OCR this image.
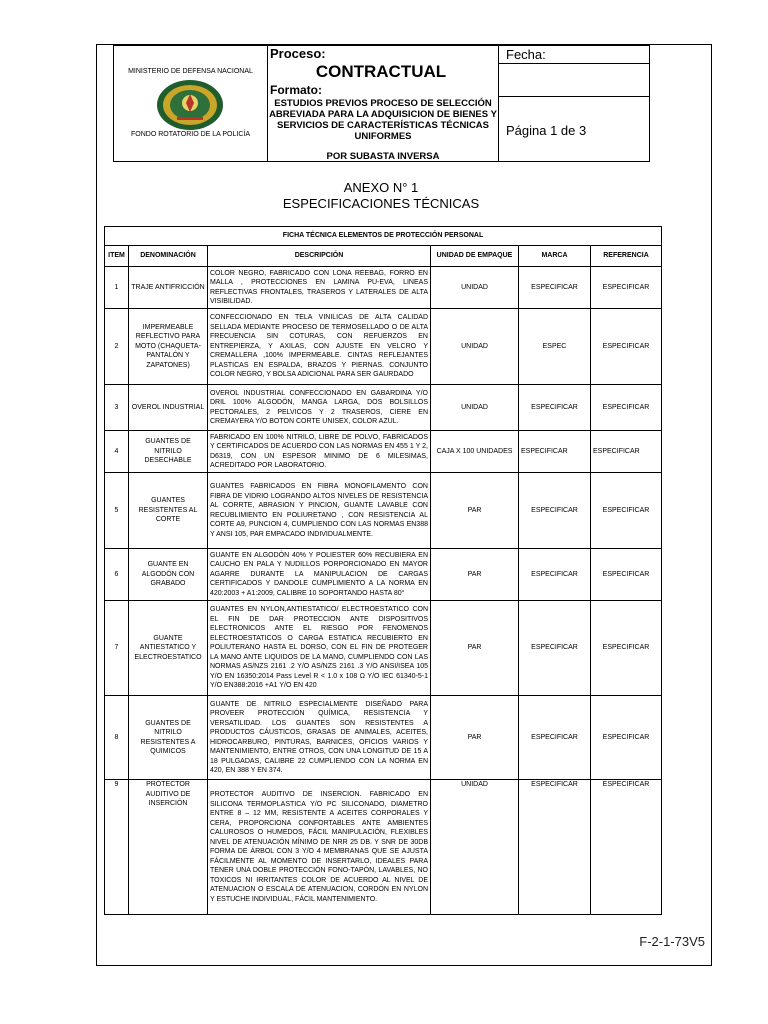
MINISTERIO DE DEFENSA NACIONAL
FONDO ROTATORIO DE LA POLICÍA
Proceso:
CONTRACTUAL
Formato:
ESTUDIOS PREVIOS PROCESO DE SELECCIÓN ABREVIADA PARA LA ADQUISICION DE BIENES Y SERVICIOS DE CARACTERÍSTICAS TÉCNICAS UNIFORMES
POR SUBASTA INVERSA
Fecha:
Página 1 de 3
ANEXO N° 1
ESPECIFICACIONES TÉCNICAS
FICHA TÉCNICA ELEMENTOS DE PROTECCIÓN PERSONAL					
ITEM	DENOMINACIÓN	DESCRIPCIÓN	UNIDAD DE EMPAQUE	MARCA	REFERENCIA
1	TRAJE ANTIFRICCIÓN	COLOR NEGRO, FABRICADO CON LONA REEBAG, FORRO EN MALLA , PROTECCIONES EN LAMINA PU-EVA, LINEAS REFLECTIVAS FRONTALES, TRASEROS Y LATERALES DE ALTA VISIBILIDAD.	UNIDAD	ESPECIFICAR	ESPECIFICAR
2	IMPERMEABLE REFLECTIVO PARA MOTO (CHAQUETA-PANTALÓN Y ZAPATONES)	CONFECCIONADO EN TELA VINILICAS DE ALTA CALIDAD SELLADA MEDIANTE PROCESO DE TERMOSELLADO O DE ALTA FRECUENCIA SIN COTURAS, CON REFUERZOS EN ENTREPIERZA, Y AXILAS, CON AJUSTE EN VELCRO Y CREMALLERA ,100% IMPERMEABLE. CINTAS REFLEJANTES PLASTICAS EN ESPALDA, BRAZOS Y PIERNAS. CONJUNTO COLOR NEGRO, Y BOLSA ADICIONAL PARA SER GAURDADO	UNIDAD	ESPEC	ESPECIFICAR
3	OVEROL INDUSTRIAL	OVEROL INDUSTRIAL CONFECCIONADO EN GABARDINA Y/O DRIL 100% ALGODÓN, MANGA LARGA, DOS BOLSILLOS PECTORALES, 2 PELVICOS Y 2 TRASEROS, CIERE EN CREMAYERA Y/O BOTON CORTE UNISEX, COLOR AZUL.	UNIDAD	ESPECIFICAR	ESPECIFICAR
4	GUANTES DE NITRILO DESECHABLE	FABRICADO EN 100% NITRILO, LIBRE DE POLVO, FABRICADOS Y CERTIFICADOS DE ACUERDO CON LAS NORMAS EN 455 1 Y 2, D6319, CON UN ESPESOR MINIMO DE 6 MILESIMAS, ACREDITADO POR LABORATORIO.	CAJA X 100 UNIDADES	ESPECIFICAR	ESPECIFICAR
5	GUANTES RESISTENTES AL CORTE	GUANTES FABRICADOS EN FIBRA MONOFILAMENTO CON FIBRA DE VIDRIO LOGRANDO ALTOS NIVELES DE RESISTENCIA AL CORRTE, ABRASION Y PINCION, GUANTE LAVABLE CON RECUBLIMIENTO EN POLIURETANO , CON RESISTENCIA AL CORTE A9, PUNCION 4, CUMPLIENDO CON LAS NORMAS EN388 Y ANSI 105, PAR EMPACADO INDIVIDUALMENTE.	PAR	ESPECIFICAR	ESPECIFICAR
6	GUANTE EN ALGODÓN CON GRABADO	GUANTE EN ALGODÓN 40% Y POLIESTER 60% RECUBIERA EN CAUCHO EN PALA Y NUDILLOS PORPORCIONADO EN MAYOR AGARRE DURANTE LA MANIPULACION DE CARGAS CERTIFICADOS Y DANDOLE CUMPLIMIENTO A LA NORMA EN 420:2003 + A1:2009, CALIBRE 10 SOPORTANDO HASTA 80°	PAR	ESPECIFICAR	ESPECIFICAR
7	GUANTE ANTIESTATICO Y ELECTROESTATICO	GUANTES EN NYLON,ANTIESTATICO/ ELECTROESTATICO CON EL FIN DE DAR PROTECCION ANTE DISPOSITIVOS ELECTRONICOS ANTE EL RIESGO POR FENOMENOS ELECTROESTATICOS O CARGA ESTATICA RECUBIERTO EN POLIUTERANO HASTA EL DORSO, CON EL FIN DE PROTEGER LA MANO ANTE LIQUIDOS DE LA MANO, CUMPLIENDO CON LAS NORMAS AS/NZS 2161 .2 Y/O AS/NZS 2161 .3 Y/O ANSI/ISEA 105 Y/O EN 16350:2014 Pass Level R < 1.0 x 108 Ω Y/O IEC 61340-5-1 Y/O EN388:2016 +A1 Y/O EN 420	PAR	ESPECIFICAR	ESPECIFICAR
8	GUANTES DE NITRILO RESISTENTES A QUIMICOS	GUANTE DE NITRILO ESPECIALMENTE DISEÑADO PARA PROVEER PROTECCIÓN QUÍMICA, RESISTENCIA Y VERSATILIDAD. LOS GUANTES SON RESISTENTES A PRODUCTOS CÁUSTICOS, GRASAS DE ANIMALES, ACEITES, HIDROCARBURO, PINTURAS, BARNICES, OFICIOS VARIOS Y MANTENIMIENTO, ENTRE OTROS, CON UNA LONGITUD DE 15 A 18 PULGADAS, CALIBRE 22 CUMPLIENDO CON LA NORMA EN 420, EN 388 Y EN 374.	PAR	ESPECIFICAR	ESPECIFICAR
9	PROTECTOR AUDITIVO DE INSERCIÓN	PROTECTOR AUDITIVO DE INSERCION. FABRICADO EN SILICONA TERMOPLASTICA Y/O PC SILICONADO, DIAMETRO ENTRE 8 – 12 MM, RESISTENTE A ACEITES CORPORALES Y CERA, PROPORCIONA CONFORTABLES ANTE AMBIENTES CALUROSOS O HUMEDOS, FÁCIL MANIPULACIÓN, FLEXIBLES NIVEL DE ATENUACIÓN MÍNIMO DE NRR 25 DB. Y SNR DE 30DB FORMA DE ÁRBOL CON 3 Y/O 4 MEMBRANAS QUE SE AJUSTA FÁCILMENTE AL MOMENTO DE INSERTARLO, IDEALES PARA TENER UNA DOBLE PROTECCIÓN FONO-TAPÓN, LAVABLES, NO TOXICOS NI IRRITANTES COLOR DE ACUERDO AL NIVEL DE ATENUACION O ESCALA DE ATENUACION, CORDÓN EN NYLON Y ESTUCHE INDIVIDUAL, FÁCIL MANTENIMIENTO.	UNIDAD	ESPECIFICAR	ESPECIFICAR
F-2-1-73V5
